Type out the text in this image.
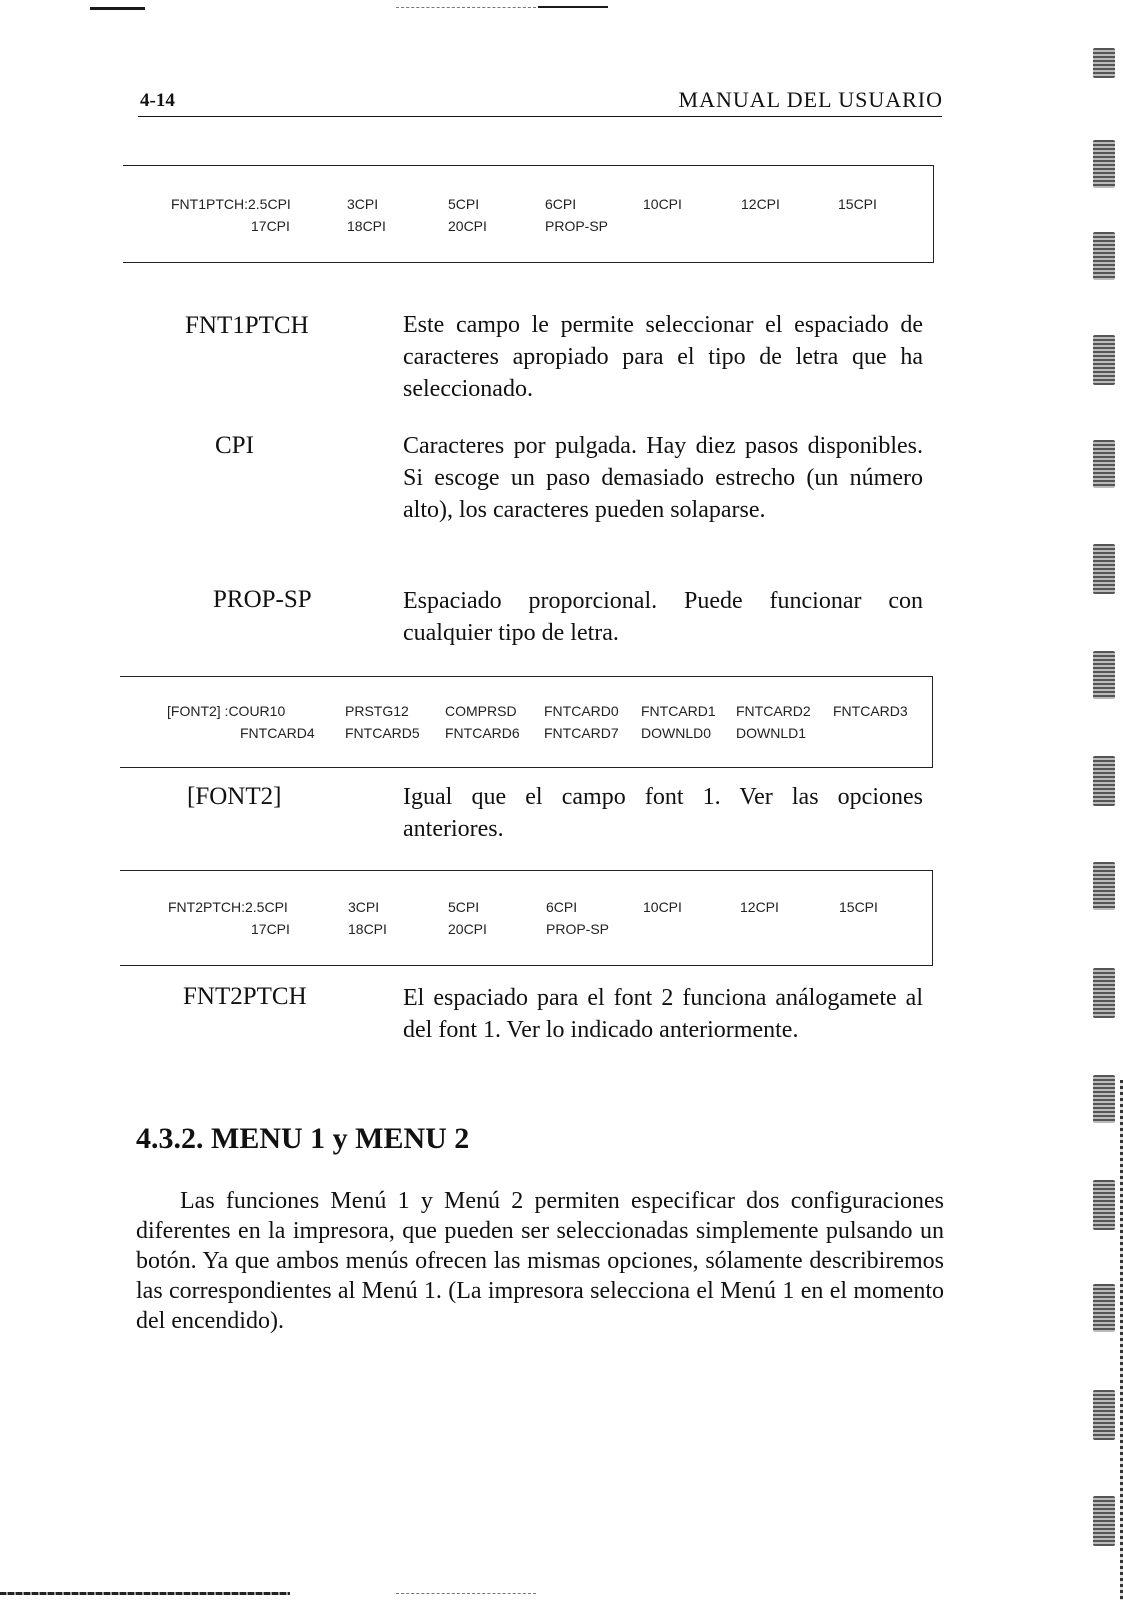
4-14	MANUAL DEL USUARIO
FNT1PTCH:2.5CPI	3CPI	5CPI	6CPI	10CPI	12CPI	15CPI
17CPI	18CPI	20CPI	PROP-SP
FNT1PTCH	Este campo le permite seleccionar el espaciado de caracteres apropiado para el tipo de letra que ha seleccionado.
CPI	Caracteres por pulgada. Hay diez pasos disponibles. Si escoge un paso demasiado estrecho (un número alto), los caracteres pueden solaparse.
PROP-SP	Espaciado proporcional. Puede funcionar con cualquier tipo de letra.
[FONT2] :COUR10	PRSTG12	COMPRSD FNTCARD0 FNTCARD1 FNTCARD2 FNTCARD3
FNTCARD4 FNTCARD5 FNTCARD6 FNTCARD7 DOWNLD0 DOWNLD1
[FONT2]	Igual que el campo font 1. Ver las opciones anteriores.
FNT2PTCH:2.5CPI	3CPI	5CPI	6CPI	10CPI	12CPI	15CPI
17CPI	18CPI	20CPI	PROP-SP
FNT2PTCH	El espaciado para el font 2 funciona análogamete al del font 1. Ver lo indicado anteriormente.
4.3.2. MENU 1 y MENU 2
Las funciones Menú 1 y Menú 2 permiten especificar dos configuraciones diferentes en la impresora, que pueden ser seleccionadas simplemente pulsando un botón. Ya que ambos menús ofrecen las mismas opciones, sólamente describiremos las correspondientes al Menú 1. (La impresora selecciona el Menú 1 en el momento del encendido).
